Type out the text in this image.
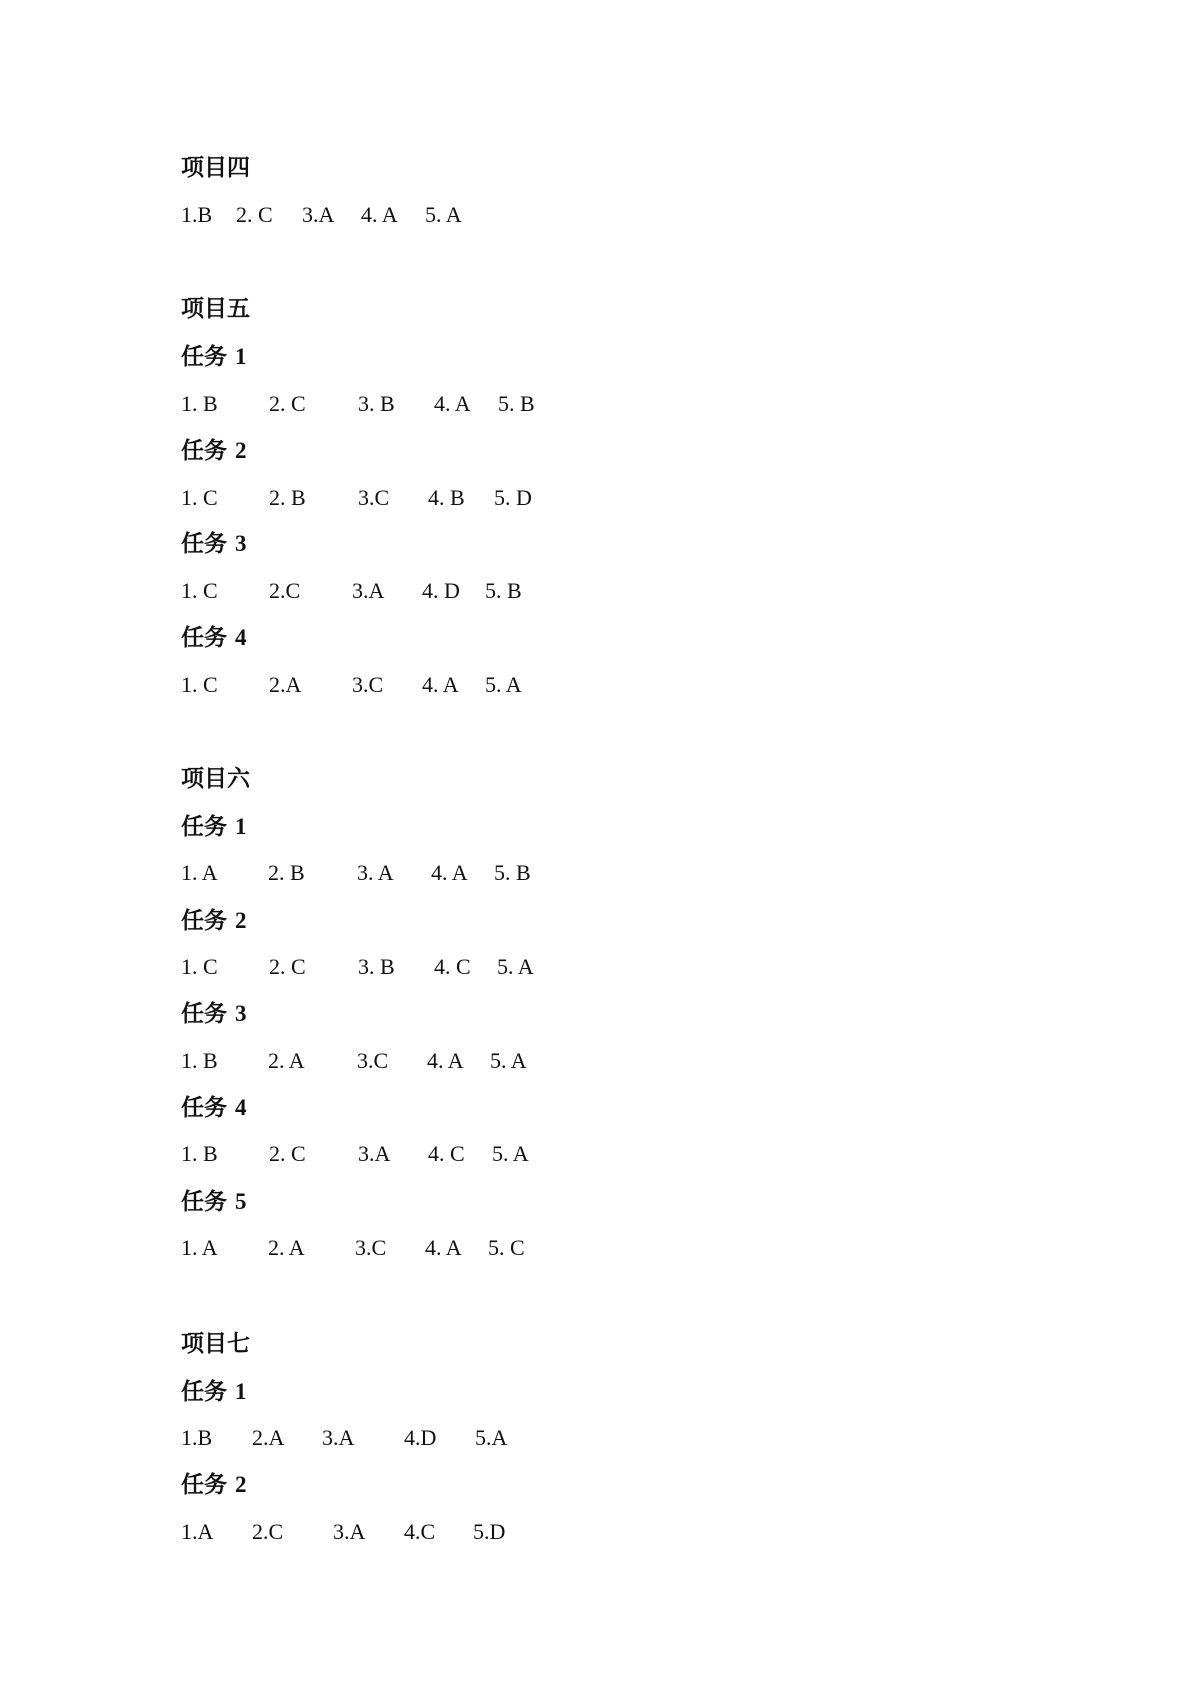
项目四
1.B 2. C 3.A 4. A 5. A
项目五
任务 1
1. B 2. C 3. B 4. A 5. B
任务 2
1. C 2. B 3.C 4. B 5. D
任务 3
1. C 2.C 3.A 4. D 5. B
任务 4
1. C 2.A 3.C 4. A 5. A
项目六
任务 1
1. A 2. B 3. A 4. A 5. B
任务 2
1. C 2. C 3. B 4. C 5. A
任务 3
1. B 2. A 3.C 4. A 5. A
任务 4
1. B 2. C 3.A 4. C 5. A
任务 5
1. A 2. A 3.C 4. A 5. C
项目七
任务 1
1.B 2.A 3.A 4.D 5.A
任务 2
1.A 2.C 3.A 4.C 5.D
